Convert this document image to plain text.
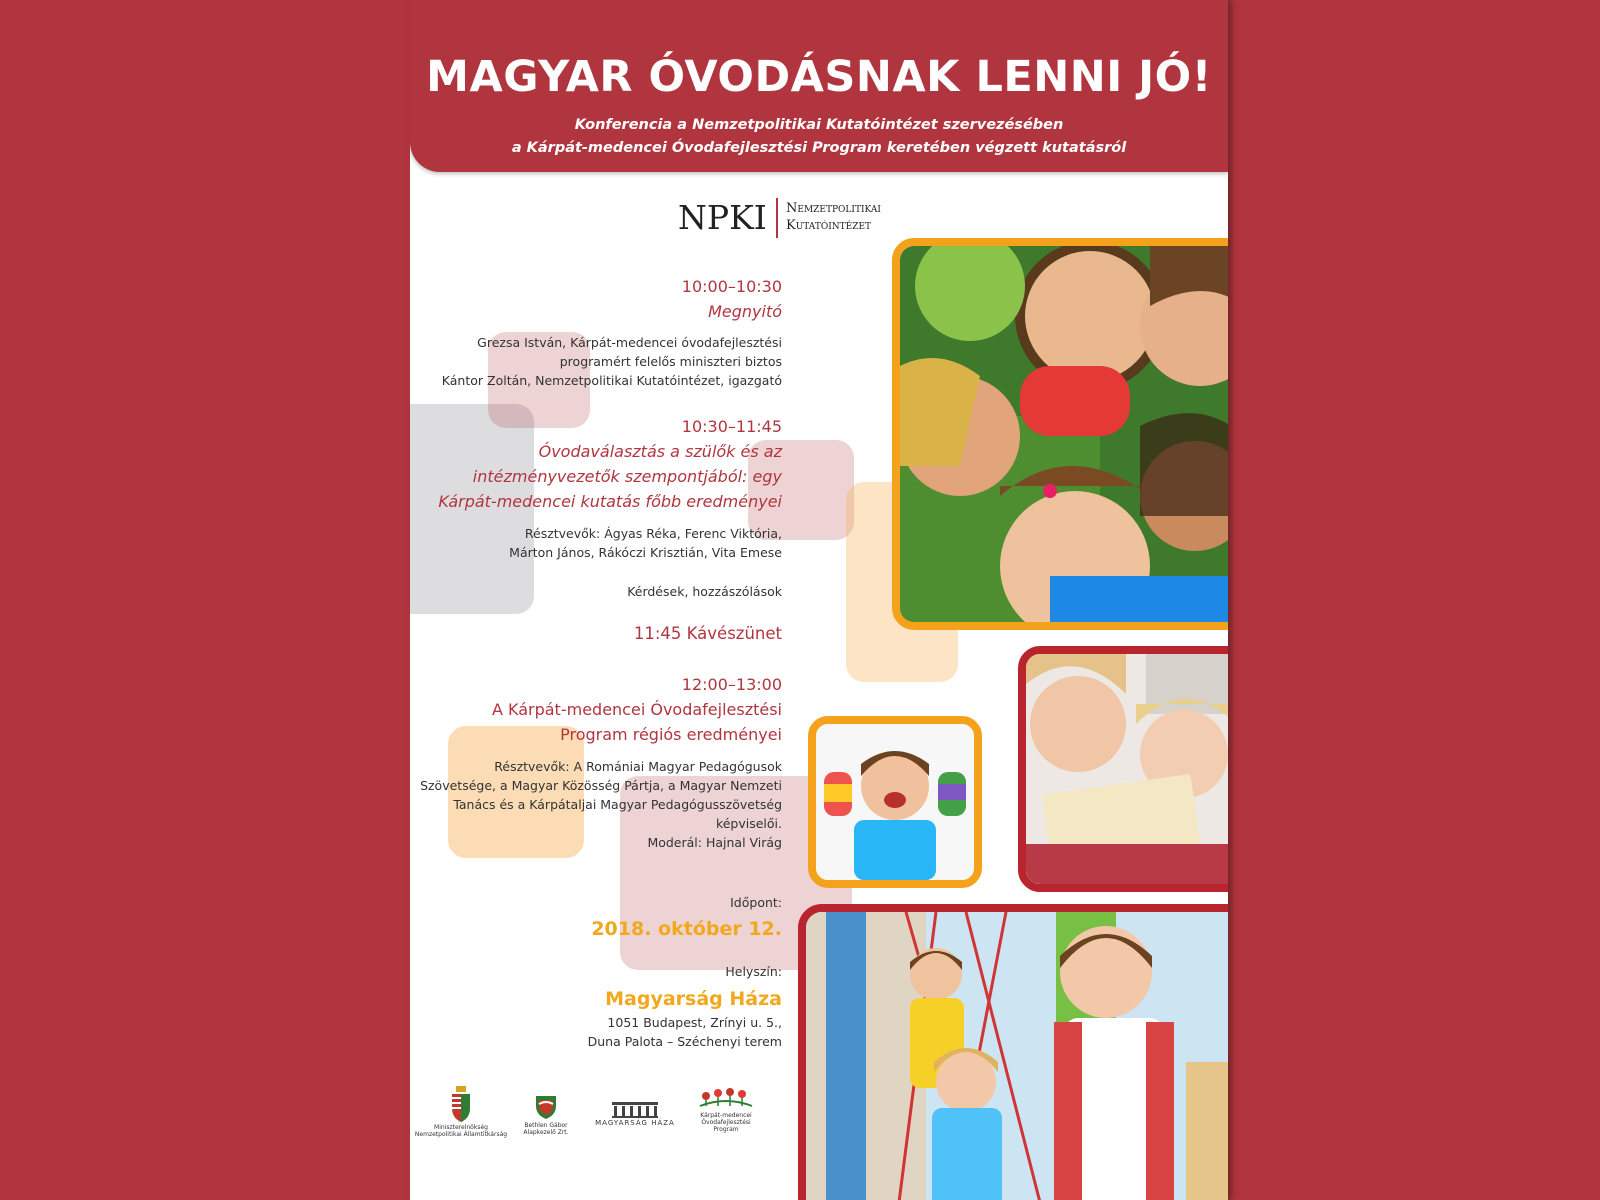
MAGYAR ÓVODÁSNAK LENNI JÓ!
Konferencia a Nemzetpolitikai Kutatóintézet szervezésében
a Kárpát-medencei Óvodafejlesztési Program keretében végzett kutatásról
NPKI Nemzetpolitikai
Kutatóintézet
10:00–10:30
Megnyitó
Grezsa István, Kárpát-medencei óvodafejlesztési
programért felelős miniszteri biztos
Kántor Zoltán, Nemzetpolitikai Kutatóintézet, igazgató
10:30–11:45
Óvodaválasztás a szülők és az
intézményvezetők szempontjából: egy
Kárpát-medencei kutatás főbb eredményei
Résztvevők: Ágyas Réka, Ferenc Viktória,
Márton János, Rákóczi Krisztián, Vita Emese
Kérdések, hozzászólások
11:45 Kávészünet
12:00–13:00
A Kárpát-medencei Óvodafejlesztési
Program régiós eredményei
Résztvevők: A Romániai Magyar Pedagógusok
Szövetsége, a Magyar Közösség Pártja, a Magyar Nemzeti
Tanács és a Kárpátaljai Magyar Pedagógusszövetség
képviselői.
Moderál: Hajnal Virág
Időpont:
2018. október 12.
Helyszín:
Magyarság Háza
1051 Budapest, Zrínyi u. 5.,
Duna Palota – Széchenyi terem
Miniszterelnökség
Nemzetpolitikai Államtitkárság
Bethlen Gábor
Alapkezelő Zrt.
MAGYARSÁG HÁZA
Kárpát-medencei
Óvodafejlesztési
Program
